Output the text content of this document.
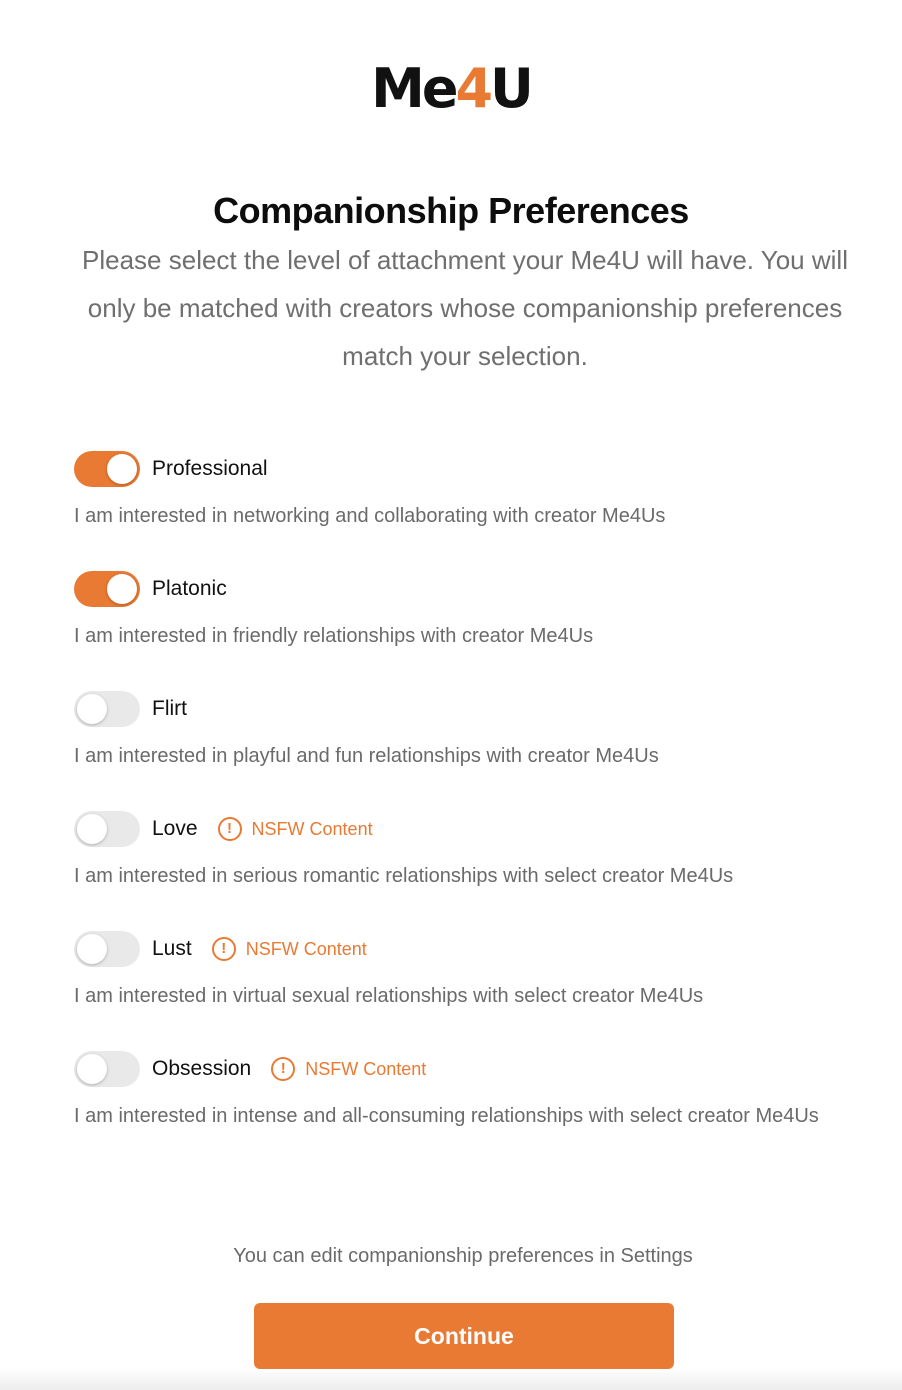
Me4U
Companionship Preferences
Please select the level of attachment your Me4U will have. You will only be matched with creators whose companionship preferences match your selection.
Professional
I am interested in networking and collaborating with creator Me4Us
Platonic
I am interested in friendly relationships with creator Me4Us
Flirt
I am interested in playful and fun relationships with creator Me4Us
Love	!	NSFW Content
I am interested in serious romantic relationships with select creator Me4Us
Lust	!	NSFW Content
I am interested in virtual sexual relationships with select creator Me4Us
Obsession	!	NSFW Content
I am interested in intense and all-consuming relationships with select creator Me4Us
You can edit companionship preferences in Settings
Continue
